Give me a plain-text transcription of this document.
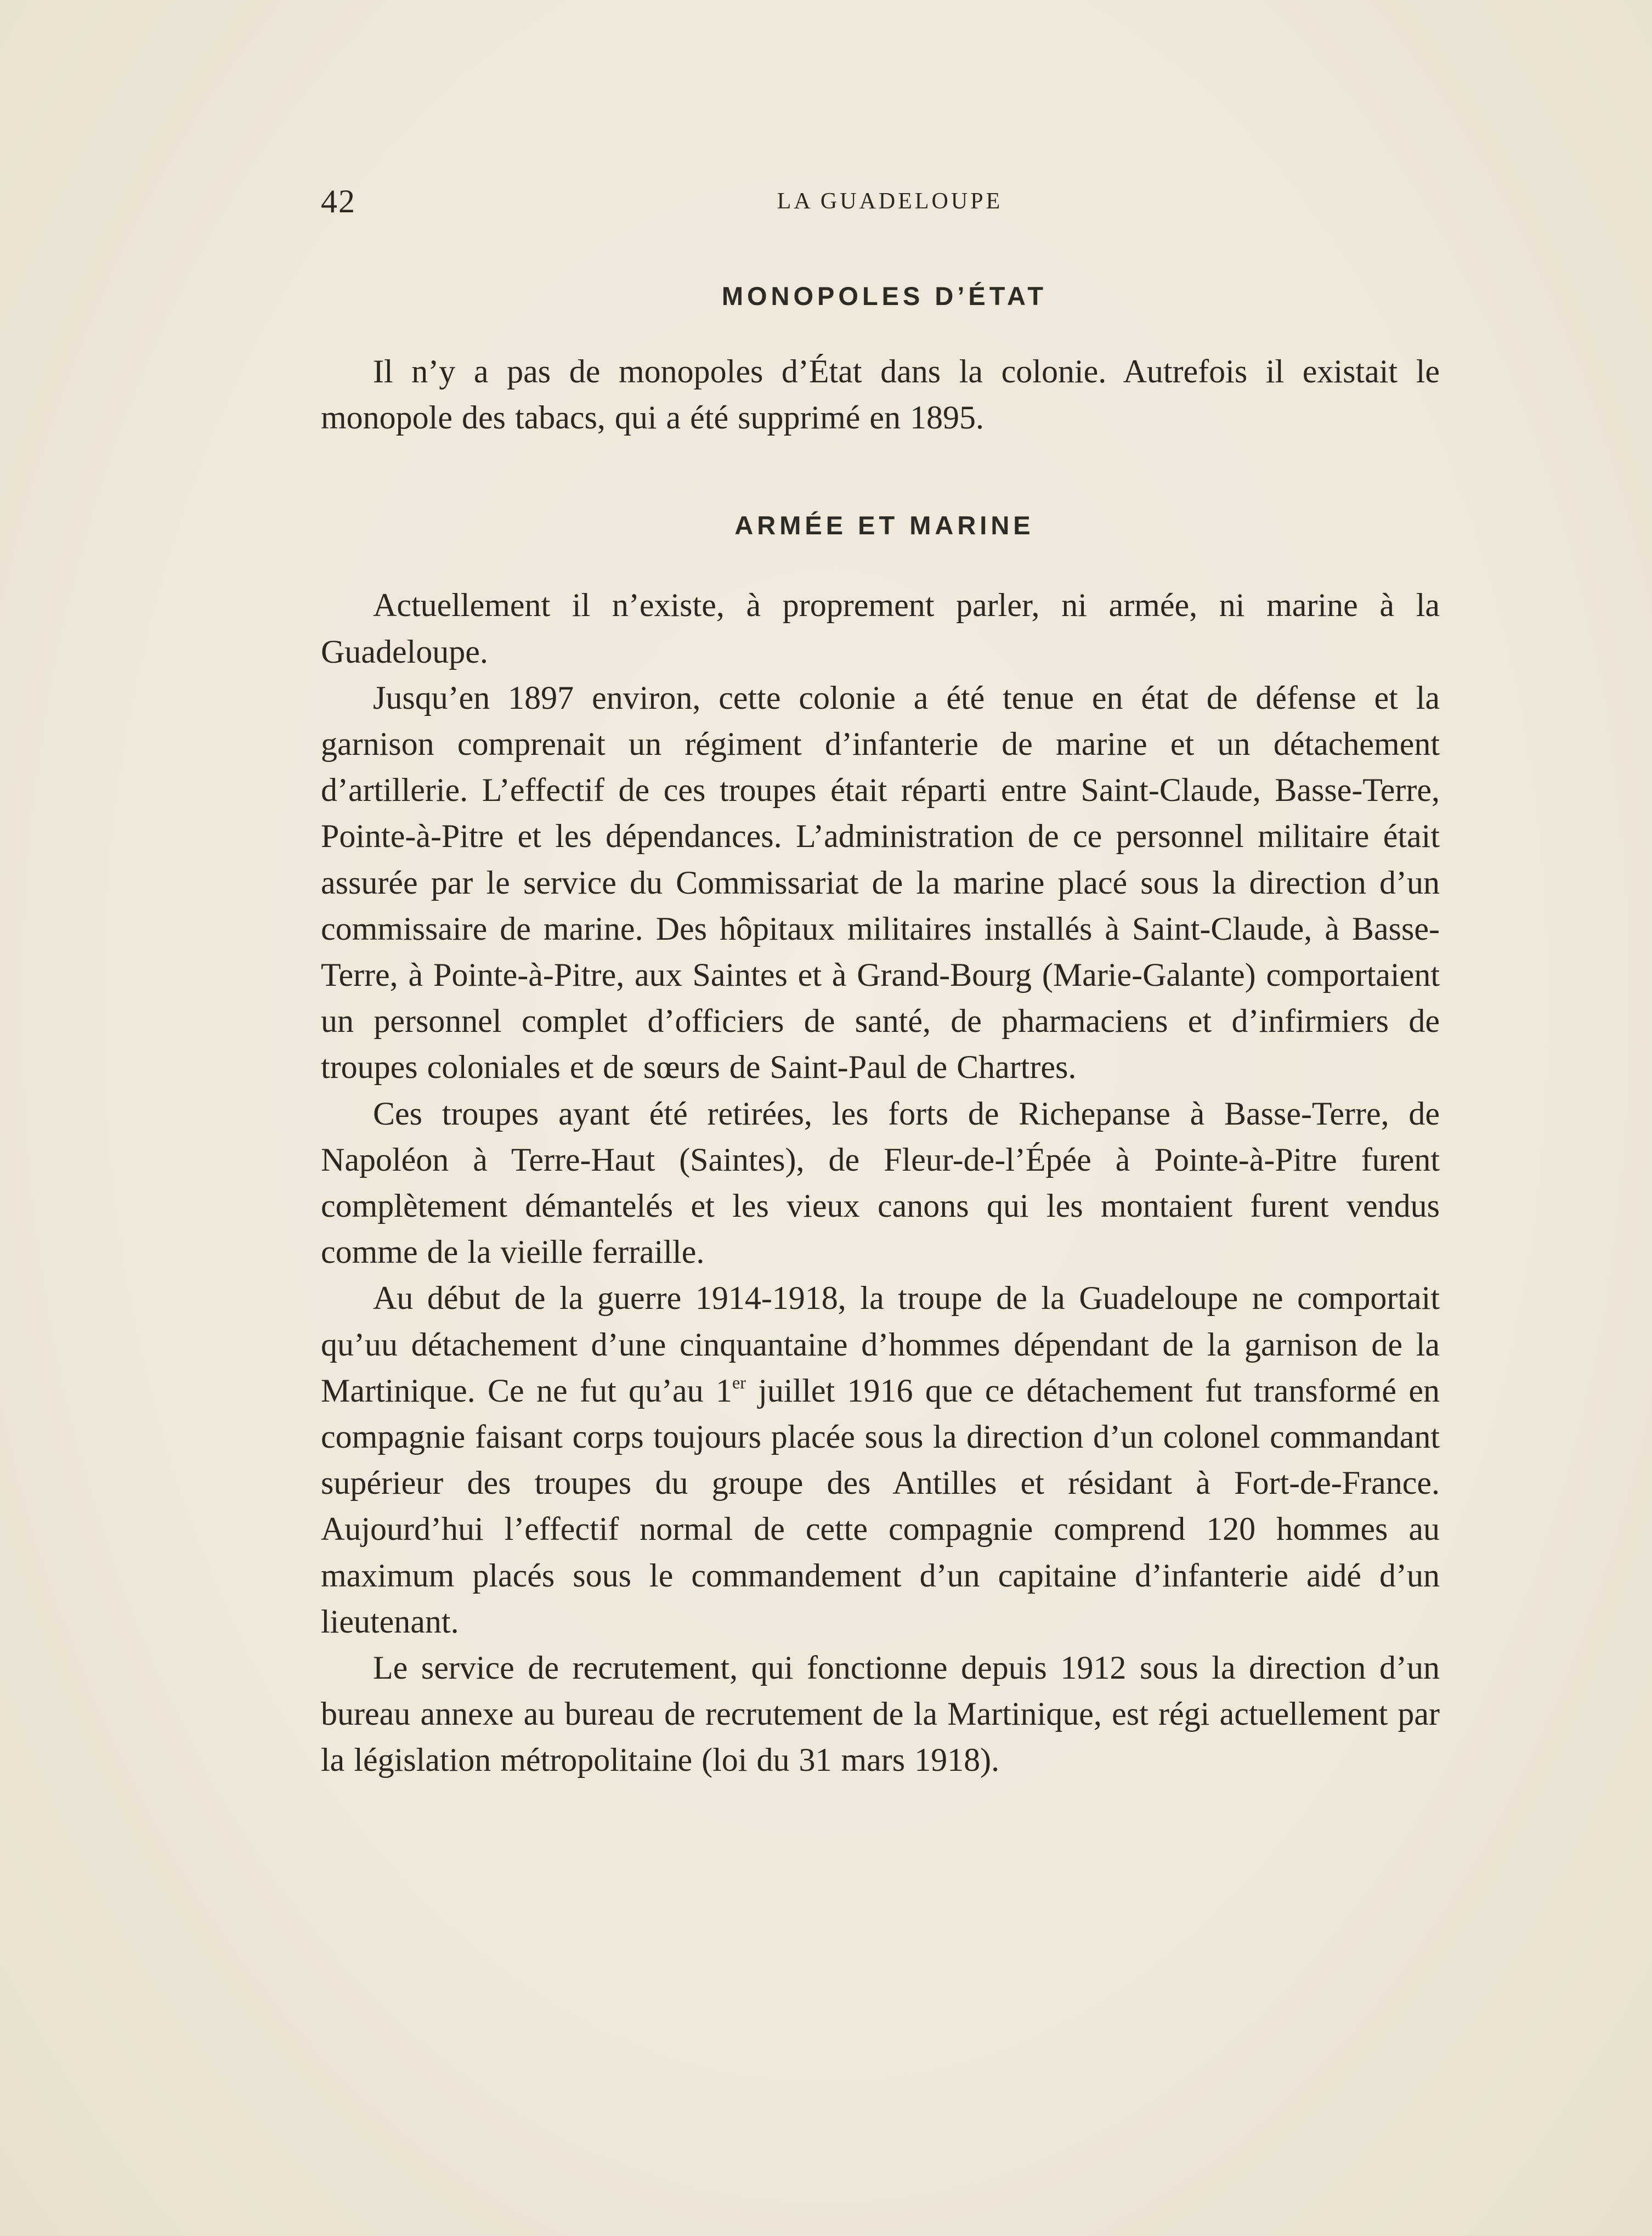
42	LA GUADELOUPE
MONOPOLES D’ÉTAT

Il n’y a pas de monopoles d’État dans la colonie. Autrefois il existait le monopole des tabacs, qui a été supprimé en 1895.

ARMÉE ET MARINE

Actuellement il n’existe, à proprement parler, ni armée, ni marine à la Guadeloupe.

Jusqu’en 1897 environ, cette colonie a été tenue en état de défense et la garnison comprenait un régiment d’infanterie de marine et un détachement d’artillerie. L’effectif de ces troupes était réparti entre Saint-Claude, Basse-Terre, Pointe-à-Pitre et les dépendances. L’administration de ce personnel militaire était assurée par le service du Commissariat de la marine placé sous la direction d’un commissaire de marine. Des hôpitaux militaires installés à Saint-Claude, à Basse-Terre, à Pointe-à-Pitre, aux Saintes et à Grand-Bourg (Marie-Galante) comportaient un personnel complet d’officiers de santé, de pharmaciens et d’infirmiers de troupes coloniales et de sœurs de Saint-Paul de Chartres.

Ces troupes ayant été retirées, les forts de Richepanse à Basse-Terre, de Napoléon à Terre-Haut (Saintes), de Fleur-de-l’Épée à Pointe-à-Pitre furent complètement démantelés et les vieux canons qui les montaient furent vendus comme de la vieille ferraille.

Au début de la guerre 1914-1918, la troupe de la Guadeloupe ne comportait qu’uu détachement d’une cinquantaine d’hommes dépendant de la garnison de la Martinique. Ce ne fut qu’au 1er juillet 1916 que ce détachement fut transformé en compagnie faisant corps toujours placée sous la direction d’un colonel commandant supérieur des troupes du groupe des Antilles et résidant à Fort-de-France. Aujourd’hui l’effectif normal de cette compagnie comprend 120 hommes au maximum placés sous le commandement d’un capitaine d’infanterie aidé d’un lieutenant.

Le service de recrutement, qui fonctionne depuis 1912 sous la direction d’un bureau annexe au bureau de recrutement de la Martinique, est régi actuellement par la législation métropolitaine (loi du 31 mars 1918).
